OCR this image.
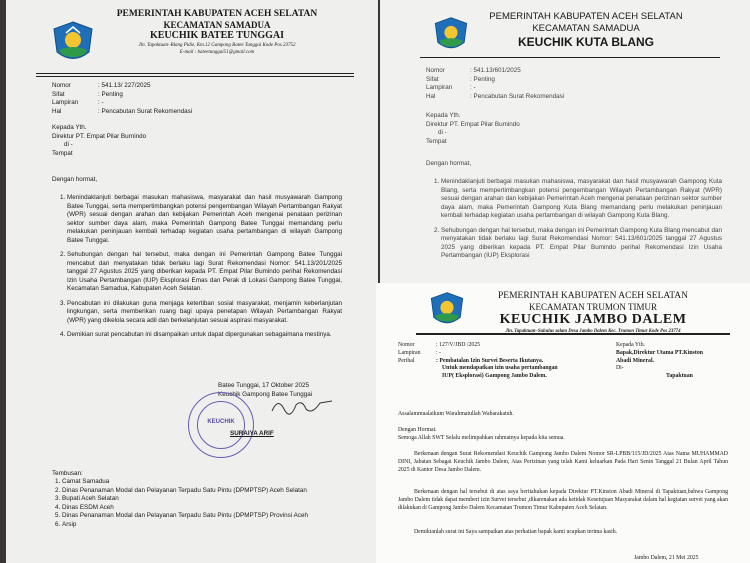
PEMERINTAH KABUPATEN ACEH SELATAN
KECAMATAN SAMADUA
KEUCHIK BATEE TUNGGAI
Jln. Tapaktuan–Blang Pidie, Km.12 Gampong Batee Tunggai Kode Pos 23752
E-mail : bateetunggai51@gmail.com
Nomor	: 541.13/ 227/2025
Sifat	: Penting
Lampiran	: -
Hal	: Pencabutan Surat Rekomendasi
Kepada Yth.
Direktur PT. Empat Pilar Burnindo
di -
Tempat
Dengan hormat,
1. Menindaklanjuti berbagai masukan mahasiswa, masyarakat dan hasil musyawarah Gampong Batee Tunggai, serta mempertimbangkan potensi pengembangan Wilayah Pertambangan Rakyat (WPR) sesuai dengan arahan dan kebijakan Pemerintah Aceh mengenai penataan perizinan sektor sumber daya alam, maka Pemerintah Gampong Batee Tunggai memandang perlu melakukan peninjauan kembali terhadap kegiatan usaha pertambangan di wilayah Gampong Batee Tunggai.
2. Sehubungan dengan hal tersebut, maka dengan ini Pemerintah Gampong Batee Tunggai mencabut dan menyatakan tidak berlaku lagi Surat Rekomendasi Nomor: 541.13/201/2025 tanggal 27 Agustus 2025 yang diberikan kepada PT. Empat Pilar Bumindo perihal Rekomendasi Izin Usaha Pertambangan (IUP) Eksplorasi Emas dan Perak di Lokasi Gampong Batee Tunggai, Kecamatan Samadua, Kabupaten Aceh Selatan.
3. Pencabutan ini dilakukan guna menjaga ketertiban sosial masyarakat, menjamin keberlanjutan lingkungan, serta memberikan ruang bagi upaya penetapan Wilayah Pertambangan Rakyat (WPR) yang dikelola secara adil dan berkelanjutan sesuai aspirasi masyarakat.
4. Demikian surat pencabutan ini disampaikan untuk dapat dipergunakan sebagaimana mestinya.
Batee Tunggai, 17 Oktober 2025
Keuchik Gampong Batee Tunggai
KEUCHIK
SURAIYA ARIF
Tembusan:
1. Camat Samadua
2. Dinas Penanaman Modal dan Pelayanan Terpadu Satu Pintu (DPMPTSP) Aceh Selatan
3. Bupati Aceh Selatan
4. Dinas ESDM Aceh
5. Dinas Penanaman Modal dan Pelayanan Terpadu Satu Pintu (DPMPTSP) Provinsi Aceh
6. Arsip
PEMERINTAH KABUPATEN ACEH SELATAN
KECAMATAN SAMADUA
KEUCHIK KUTA BLANG
Nomor	: 541.13/601/2025
Sifat	: Penting
Lampiran	: -
Hal	: Pencabutan Surat Rekomendasi
Kepada Yth.
Direktur PT. Empat Pilar Bumindo
di -
Tempat
Dengan hormat,
1. Menindaklanjuti berbagai masukan mahasiswa, masyarakat dan hasil musyawarah Gampong Kuta Blang, serta mempertimbangkan potensi pengembangan Wilayah Pertambangan Rakyat (WPR) sesuai dengan arahan dan kebijakan Pemerintah Aceh mengenai penataan perizinan sektor sumber daya alam, maka Pemerintah Gampong Kuta Blang memandang perlu melakukan peninjauan kembali terhadap kegiatan usaha pertambangan di wilayah Gampong Kuta Blang.
2. Sehubungan dengan hal tersebut, maka dengan ini Pemerintah Gampong Kuta Blang mencabut dan menyatakan tidak berlaku lagi Surat Rekomendasi Nomor: 541.13/601/2025 tanggal 27 Agustus 2025 yang diberikan kepada PT. Empat Pilar Bumindo perihal Rekomendasi Izin Usaha Pertambangan (IUP) Eksplorasi
PEMERINTAH KABUPATEN ACEH SELATAN
KECAMATAN TRUMON TIMUR
KEUCHIK JAMBO DALEM
Jln. Tapaktuan–Subulus salam Desa Jambo Dalem Kec. Trumon Timur Kode Pos 23774
Nomor	: 127/V/JBD /2025
Lampiran	: -
Perihal	: Pembatalan Izin Survei Beserta Ikutanya.
Untuk mendapatkan izin usaha pertambangan
IUP( Eksplorasi) Gampong Jambo Dalem.
Kepada Yth.
Bapak,Direktur Utama PT.Kinston
Abadi Mineral.
Di-
Tapaktuan
Assalammualaikum Warahmatullah Wabarakatuh.
Dengan Hormat.
Semoga Allah SWT Selalu melimpahkan rahmatnya kepada kita semua.
Berkenaan dengan Surat Rekomendasi Keuchik Gampong Jambo Dalem Nomor SR-LPBB/115/JD/2025 Atas Nama MUHAMMAD DINI, Jabatan Sebagai Keuchik Jambo Dalem, Atas Perizinan yang telah Kami keluarkan Pada Hari Senin Tanggal 21 Bulan April Tahun 2025 di Kantor Desa Jambo Dalem.
Berkenaan dengan hal tersebut di atas saya beritahukan kepada Direktur PT.Kinston Abadi Mineral di Tapaktuan,bahwa Gampong Jambo Dalem tidak dapat memberi izin Survei tersebut ,dikarenakan ada ketidak Kesetujuan Masyarakat dalam hal kegiatan survei yang akan dilakukan di Gampong Jambo Dalem Kecamatan Trumon Timur Kabupaten Aceh Selatan.
Demikianlah surat ini Saya sampaikan atas perhatian bapak kami ucapkan terima kasih.
Jambo Dalem, 21 Mei 2025
